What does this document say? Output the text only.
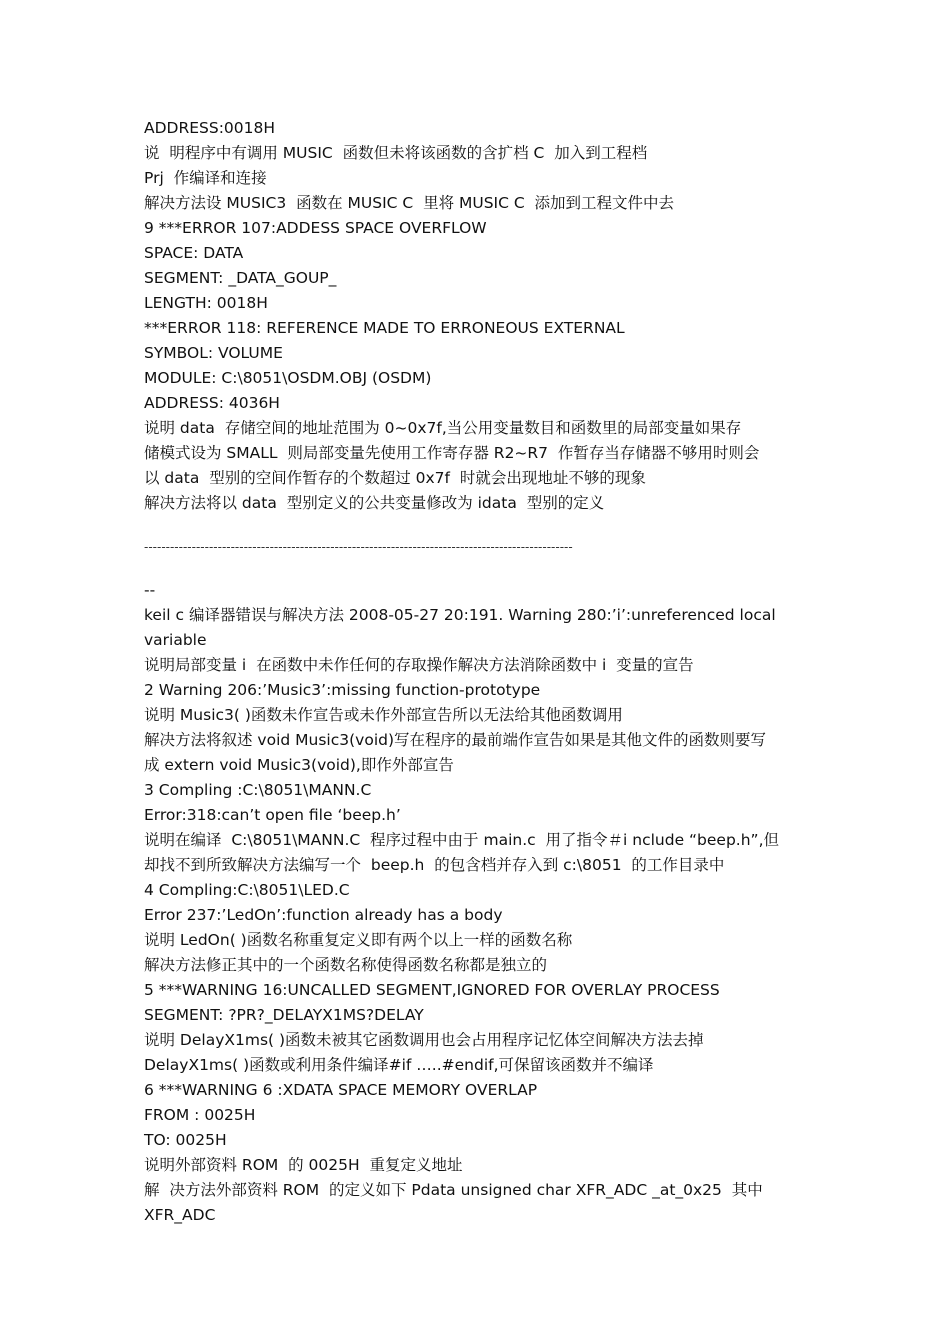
ADDRESS:0018H
说  明程序中有调用 MUSIC  函数但未将该函数的含扩档 C  加入到工程档
Prj  作编译和连接
解决方法设 MUSIC3  函数在 MUSIC C  里将 MUSIC C  添加到工程文件中去
9 ***ERROR 107:ADDESS SPACE OVERFLOW
SPACE: DATA
SEGMENT: _DATA_GOUP_
LENGTH: 0018H
***ERROR 118: REFERENCE MADE TO ERRONEOUS EXTERNAL
SYMBOL: VOLUME
MODULE: C:\8051\OSDM.OBJ (OSDM)
ADDRESS: 4036H
说明 data  存储空间的地址范围为 0~0x7f,当公用变量数目和函数里的局部变量如果存
储模式设为 SMALL  则局部变量先使用工作寄存器 R2~R7  作暂存当存储器不够用时则会
以 data  型别的空间作暂存的个数超过 0x7f  时就会出现地址不够的现象
解决方法将以 data  型别定义的公共变量修改为 idata  型别的定义
---------------------------------------------------------------------------------------------------
--
keil c 编译器错误与解决方法 2008-05-27 20:191. Warning 280:’i’:unreferenced local
variable
说明局部变量 i  在函数中未作任何的存取操作解决方法消除函数中 i  变量的宣告
2 Warning 206:’Music3’:missing function-prototype
说明 Music3( )函数未作宣告或未作外部宣告所以无法给其他函数调用
解决方法将叙述 void Music3(void)写在程序的最前端作宣告如果是其他文件的函数则要写
成 extern void Music3(void),即作外部宣告
3 Compling :C:\8051\MANN.C
Error:318:can’t open file ‘beep.h’
说明在编译  C:\8051\MANN.C  程序过程中由于 main.c  用了指令＃i nclude “beep.h”,但
却找不到所致解决方法编写一个  beep.h  的包含档并存入到 c:\8051  的工作目录中
4 Compling:C:\8051\LED.C
Error 237:’LedOn’:function already has a body
说明 LedOn( )函数名称重复定义即有两个以上一样的函数名称
解决方法修正其中的一个函数名称使得函数名称都是独立的
5 ***WARNING 16:UNCALLED SEGMENT,IGNORED FOR OVERLAY PROCESS
SEGMENT: ?PR?_DELAYX1MS?DELAY
说明 DelayX1ms( )函数未被其它函数调用也会占用程序记忆体空间解决方法去掉
DelayX1ms( )函数或利用条件编译#if …..#endif,可保留该函数并不编译
6 ***WARNING 6 :XDATA SPACE MEMORY OVERLAP
FROM : 0025H
TO: 0025H
说明外部资料 ROM  的 0025H  重复定义地址
解  决方法外部资料 ROM  的定义如下 Pdata unsigned char XFR_ADC _at_0x25  其中
XFR_ADC
